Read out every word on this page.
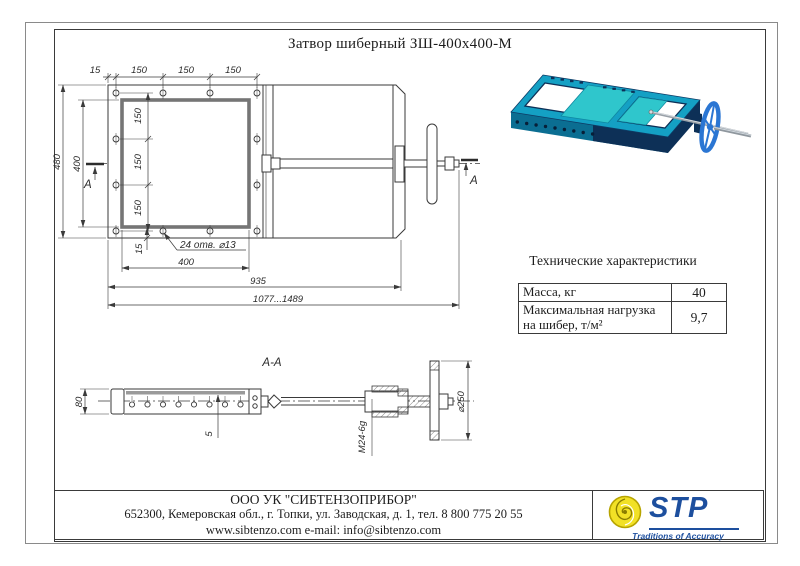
Затвор шиберный ЗШ-400х400-М
А	А
15	150	150	150
480 400
150
150
150
15	24 отв. ⌀13
400
935
1077...1489
А-А
80
5	M24-6g
⌀250
Технические характеристики
Масса, кг	40
Максимальная нагрузка на шибер, т/м²	9,7
ООО УК "СИБТЕНЗОПРИБОР"
652300, Кемеровская обл., г. Топки, ул. Заводская, д. 1, тел. 8 800 775 20 55
www.sibtenzo.com e-mail: info@sibtenzo.com
STP
Traditions of Accuracy
